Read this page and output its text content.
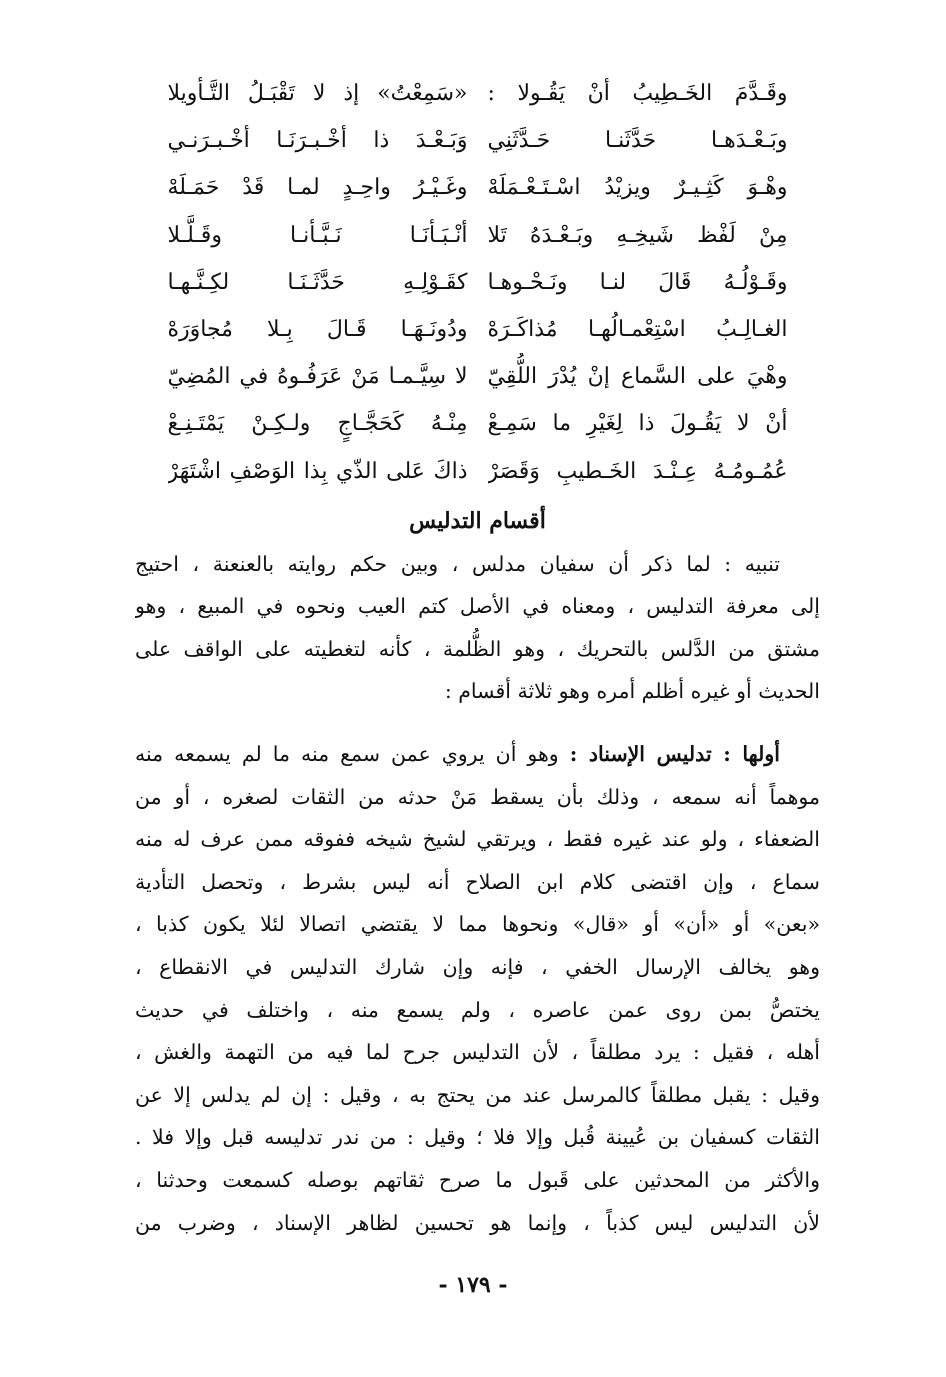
وقَـدَّمَ الخَـطِيبُ أنْ يَقُـولا :
«سَمِعْتُ» إذ لا تَقْبَـلُ التَّـأويلا
وبَـعْـدَهـا حَدَّثَنـا حَـدَّثَنِي
وَبَـعْـدَ ذا أخْـبـرَنَـا أخْـبـرَنـي
وهْـوَ كَثِـيـرٌ ويزيْدُ اسْـتَـعْـمَلَهْ
وغَـيْـرُ واحِـدٍ لمـا قَدْ حَمَـلَهْ
مِنْ لَفْظ شَيخِـهِ وبَـعْـدَهُ تَلا
أنْـبَـأنَـا نَـبَّـأنـا وقَـلَّـلا
وقَـوْلُـهُ قَالَ لنـا ونَـحْـوهـا
كقَـوْلِـهِ حَدَّثَـنَـا لكِـنَّـهـا
الغـالِـبُ اسْتِعْمـالُهـا مُذاكَـرَهْ
ودُونَـهَـا قَـالَ بِـلا مُجاوَرَهْ
وهْيَ على السَّماع إنْ يُدْرَ اللُّقِيّ
لا سِيَّـمـا مَنْ عَرَفُـوهُ في المُضِيّ
أنْ لا يَقُـولَ ذا لِغَيْرِ ما سَمِـعْ
مِنْـهُ كَحَجَّـاجٍ ولـكِـنْ يَمْتَـنِـعْ
عُمُـومُـهُ عِـنْـدَ الخَـطيبِ وَقَصَرْ
ذاكَ عَلى الذّي بِذا الوَصْفِ اشْتَهَرْ
أقسام التدليس
تنبيه : لما ذكر أن سفيان مدلس ، وبين حكم روايته بالعنعنة ، احتيج
إلى معرفة التدليس ، ومعناه في الأصل كتم العيب ونحوه في المبيع ، وهو
مشتق من الدَّلس بالتحريك ، وهو الظُّلمة ، كأنه لتغطيته على الواقف على
الحديث أو غيره أظلم أمره وهو ثلاثة أقسام :
أولها : تدليس الإسناد : وهو أن يروي عمن سمع منه ما لم يسمعه منه
موهماً أنه سمعه ، وذلك بأن يسقط مَنْ حدثه من الثقات لصغره ، أو من
الضعفاء ، ولو عند غيره فقط ، ويرتقي لشيخ شيخه ففوقه ممن عرف له منه
سماع ، وإن اقتضى كلام ابن الصلاح أنه ليس بشرط ، وتحصل التأدية
«بعن» أو «أن» أو «قال» ونحوها مما لا يقتضي اتصالا لئلا يكون كذبا ،
وهو يخالف الإرسال الخفي ، فإنه وإن شارك التدليس في الانقطاع ،
يختصُّ بمن روى عمن عاصره ، ولم يسمع منه ، واختلف في حديث
أهله ، فقيل : يرد مطلقاً ، لأن التدليس جرح لما فيه من التهمة والغش ،
وقيل : يقبل مطلقاً كالمرسل عند من يحتج به ، وقيل : إن لم يدلس إلا عن
الثقات كسفيان بن عُيينة قُبل وإلا فلا ؛ وقيل : من ندر تدليسه قبل وإلا فلا .
والأكثر من المحدثين على قَبول ما صرح ثقاتهم بوصله كسمعت وحدثنا ،
لأن التدليس ليس كذباً ، وإنما هو تحسين لظاهر الإسناد ، وضرب من
- ١٧٩ -
